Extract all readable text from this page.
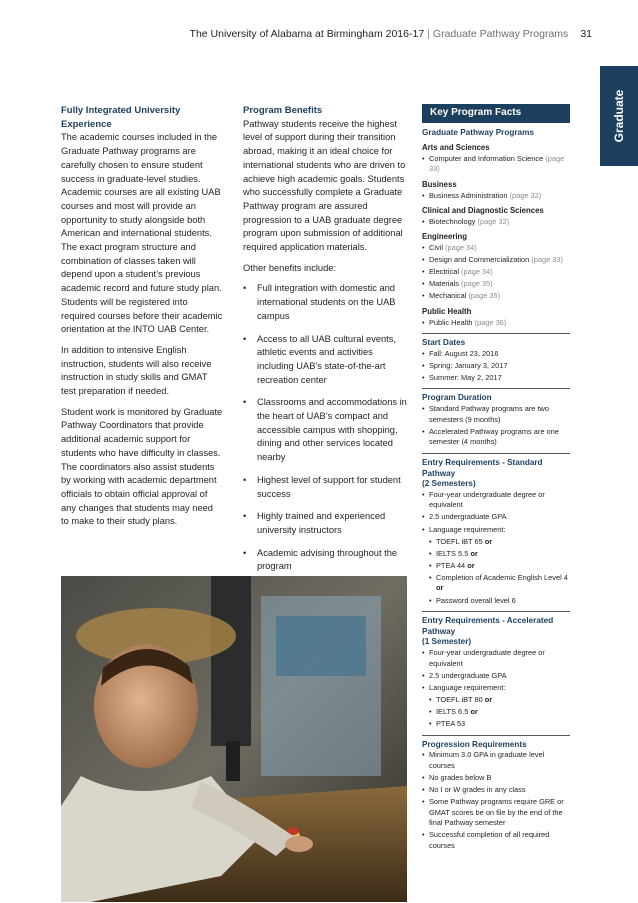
The University of Alabama at Birmingham 2016-17 | Graduate Pathway Programs 31
Graduate
Fully Integrated University Experience

The academic courses included in the Graduate Pathway programs are carefully chosen to ensure student success in graduate-level studies. Academic courses are all existing UAB courses and most will provide an opportunity to study alongside both American and international students. The exact program structure and combination of classes taken will depend upon a student’s previous academic record and future study plan. Students will be registered into required courses before their academic orientation at the INTO UAB Center.

In addition to intensive English instruction, students will also receive instruction in study skills and GMAT test preparation if needed.

Student work is monitored by Graduate Pathway Coordinators that provide additional academic support for students who have difficulty in classes. The coordinators also assist students by working with academic department officials to obtain official approval of any changes that students may need to make to their study plans.

Program Benefits

Pathway students receive the highest level of support during their transition abroad, making it an ideal choice for international students who are driven to achieve high academic goals. Students who successfully complete a Graduate Pathway program are assured progression to a UAB graduate degree program upon submission of additional required application materials.

Other benefits include:

• Full integration with domestic and international students on the UAB campus
• Access to all UAB cultural events, athletic events and activities including UAB’s state-of-the-art recreation center
• Classrooms and accommodations in the heart of UAB’s compact and accessible campus with shopping, dining and other services located nearby
• Highest level of support for student success
• Highly trained and experienced university instructors
• Academic advising throughout the program
Key Program Facts
Graduate Pathway Programs
Arts and Sciences
• Computer and Information Science (page 33)
Business
• Business Administration (page 32)
Clinical and Diagnostic Sciences
• Biotechnology (page 32)
Engineering
• Civil (page 34)
• Design and Commercialization (page 33)
• Electrical (page 34)
• Materials (page 35)
• Mechanical (page 35)
Public Health
• Public Health (page 36)
Start Dates
• Fall: August 23, 2016
• Spring: January 3, 2017
• Summer: May 2, 2017
Program Duration
• Standard Pathway programs are two semesters (9 months)
• Accelerated Pathway programs are one semester (4 months)
Entry Requirements - Standard Pathway
(2 Semesters)
• Four-year undergraduate degree or equivalent
• 2.5 undergraduate GPA
• Language requirement:
• TOEFL iBT 65 or
• IELTS 5.5 or
• PTEA 44 or
• Completion of Academic English Level 4 or
• Password overall level 6
Entry Requirements - Accelerated Pathway
(1 Semester)
• Four-year undergraduate degree or equivalent
• 2.5 undergraduate GPA
• Language requirement:
• TOEFL iBT 80 or
• IELTS 6.5 or
• PTEA 53
Progression Requirements
• Minimum 3.0 GPA in graduate level courses
• No grades below B
• No I or W grades in any class
• Some Pathway programs require GRE or GMAT scores be on file by the end of the final Pathway semester
• Successful completion of all required courses
